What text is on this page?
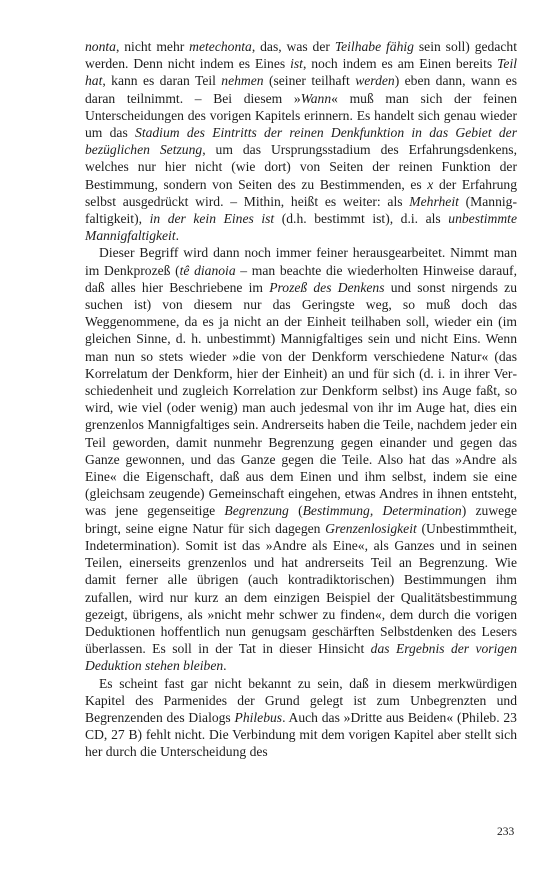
nonta, nicht mehr metechonta, das, was der Teilhabe fähig sein soll) gedacht werden. Denn nicht indem es Eines ist, noch indem es am Einen bereits Teil hat, kann es daran Teil nehmen (seiner teilhaft werden) eben dann, wann es daran teilnimmt. – Bei diesem »Wann« muß man sich der feinen Unterscheidungen des vorigen Kapitels erinnern. Es handelt sich genau wieder um das Stadium des Eintritts der reinen Denkfunktion in das Gebiet der bezüglichen Setzung, um das Ursprungsstadium des Erfahrungsdenkens, welches nur hier nicht (wie dort) von Seiten der reinen Funktion der Bestimmung, sondern von Seiten des zu Bestimmenden, es x der Erfahrung selbst ausgedrückt wird. – Mithin, heißt es weiter: als Mehrheit (Mannigfaltigkeit), in der kein Eines ist (d.h. bestimmt ist), d.i. als unbestimmte Mannigfaltigkeit.

Dieser Begriff wird dann noch immer feiner herausgearbeitet. Nimmt man im Denkprozeß (tê dianoia – man beachte die wiederholten Hinweise darauf, daß alles hier Beschriebene im Prozeß des Denkens und sonst nirgends zu suchen ist) von diesem nur das Geringste weg, so muß doch das Weggenommene, da es ja nicht an der Einheit teilhaben soll, wieder ein (im gleichen Sinne, d. h. unbestimmt) Mannigfaltiges sein und nicht Eins. Wenn man nun so stets wieder »die von der Denkform verschiedene Natur« (das Korrelatum der Denkform, hier der Einheit) an und für sich (d. i. in ihrer Verschiedenheit und zugleich Korrelation zur Denkform selbst) ins Auge faßt, so wird, wie viel (oder wenig) man auch jedesmal von ihr im Auge hat, dies ein grenzenlos Mannigfaltiges sein. Andrerseits haben die Teile, nachdem jeder ein Teil geworden, damit nunmehr Begrenzung gegen einander und gegen das Ganze gewonnen, und das Ganze gegen die Teile. Also hat das »Andre als Eine« die Eigenschaft, daß aus dem Einen und ihm selbst, indem sie eine (gleichsam zeugende) Gemeinschaft eingehen, etwas Andres in ihnen entsteht, was jene gegenseitige Begrenzung (Bestimmung, Determination) zuwege bringt, seine eigne Natur für sich dagegen Grenzenlosigkeit (Unbestimmtheit, Indetermination). Somit ist das »Andre als Eine«, als Ganzes und in seinen Teilen, einerseits grenzenlos und hat andrerseits Teil an Begrenzung. Wie damit ferner alle übrigen (auch kontradiktorischen) Bestimmungen ihm zufallen, wird nur kurz an dem einzigen Beispiel der Qualitätsbestimmung gezeigt, übrigens, als »nicht mehr schwer zu finden«, dem durch die vorigen Deduktionen hoffentlich nun genugsam geschärften Selbstdenken des Lesers überlassen. Es soll in der Tat in dieser Hinsicht das Ergebnis der vorigen Deduktion stehen bleiben.

Es scheint fast gar nicht bekannt zu sein, daß in diesem merkwürdigen Kapitel des Parmenides der Grund gelegt ist zum Unbegrenzten und Begrenzenden des Dialogs Philebus. Auch das »Dritte aus Beiden« (Phileb. 23 CD, 27 B) fehlt nicht. Die Verbindung mit dem vorigen Kapitel aber stellt sich her durch die Unterscheidung des

233
